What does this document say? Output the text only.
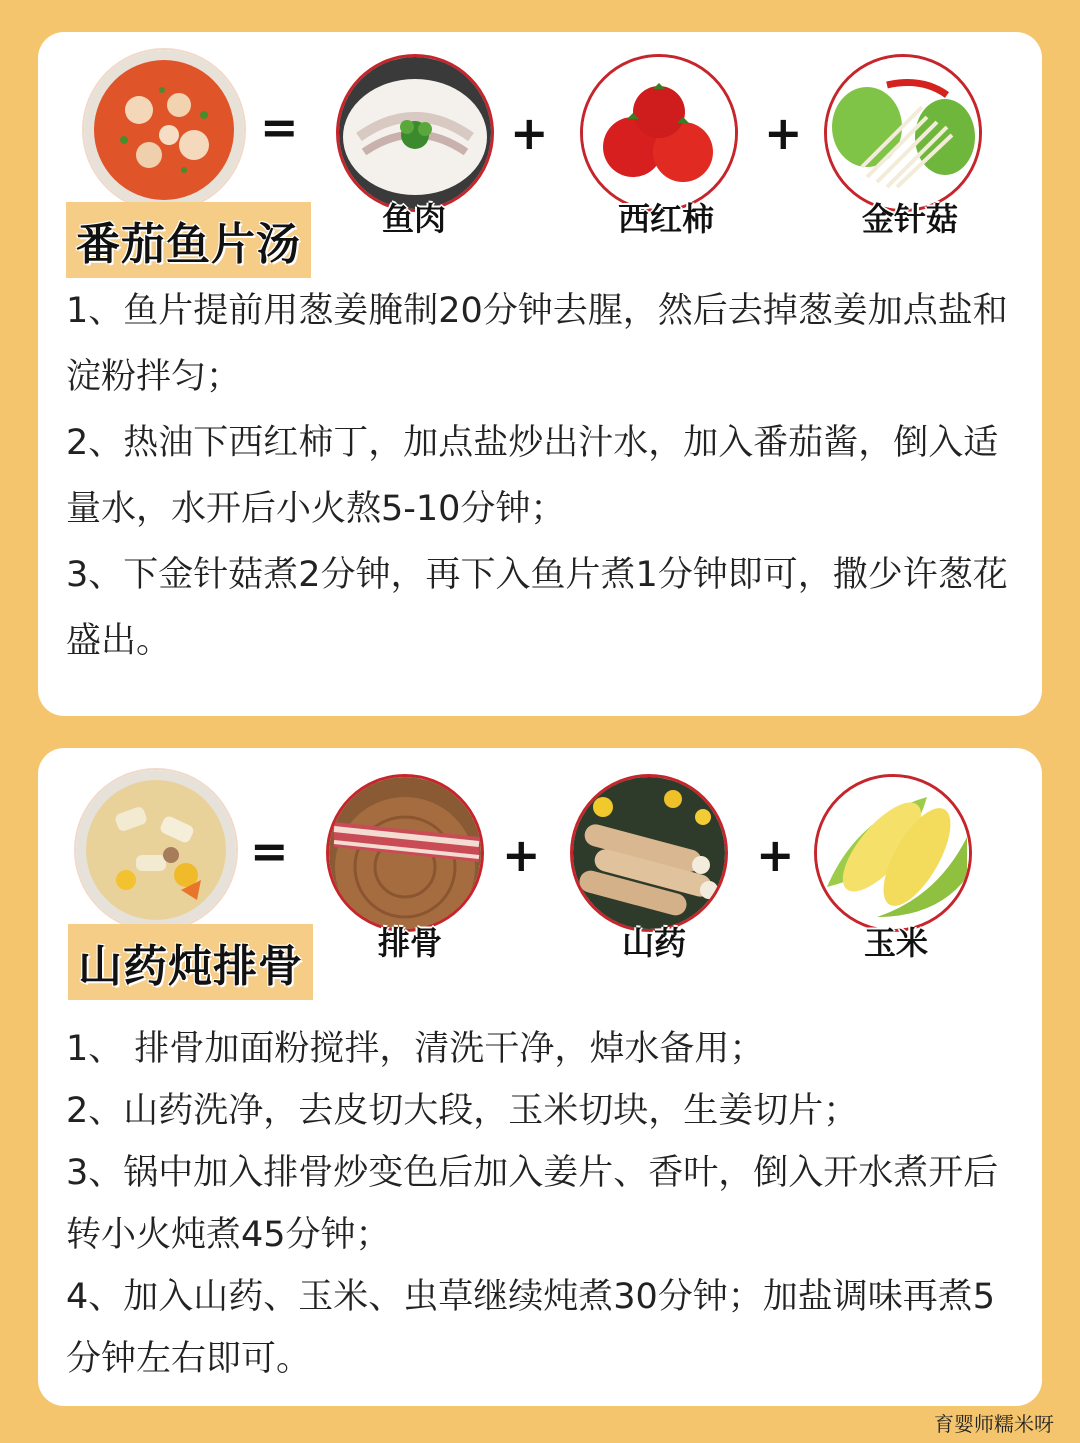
番茄鱼片汤
=
鱼肉
+
西红柿
+
金针菇

1、鱼片提前用葱姜腌制20分钟去腥，然后去掉葱姜加点盐和淀粉拌匀；

2、热油下西红柿丁，加点盐炒出汁水，加入番茄酱，倒入适量水，水开后小火熬5-10分钟；

3、下金针菇煮2分钟，再下入鱼片煮1分钟即可，撒少许葱花盛出。

山药炖排骨
=
排骨
+
山药
+
玉米

1、 排骨加面粉搅拌，清洗干净，焯水备用；

2、山药洗净，去皮切大段，玉米切块，生姜切片；

3、锅中加入排骨炒变色后加入姜片、香叶，倒入开水煮开后转小火炖煮45分钟；

4、加入山药、玉米、虫草继续炖煮30分钟；加盐调味再煮5分钟左右即可。

育婴师糯米呀
